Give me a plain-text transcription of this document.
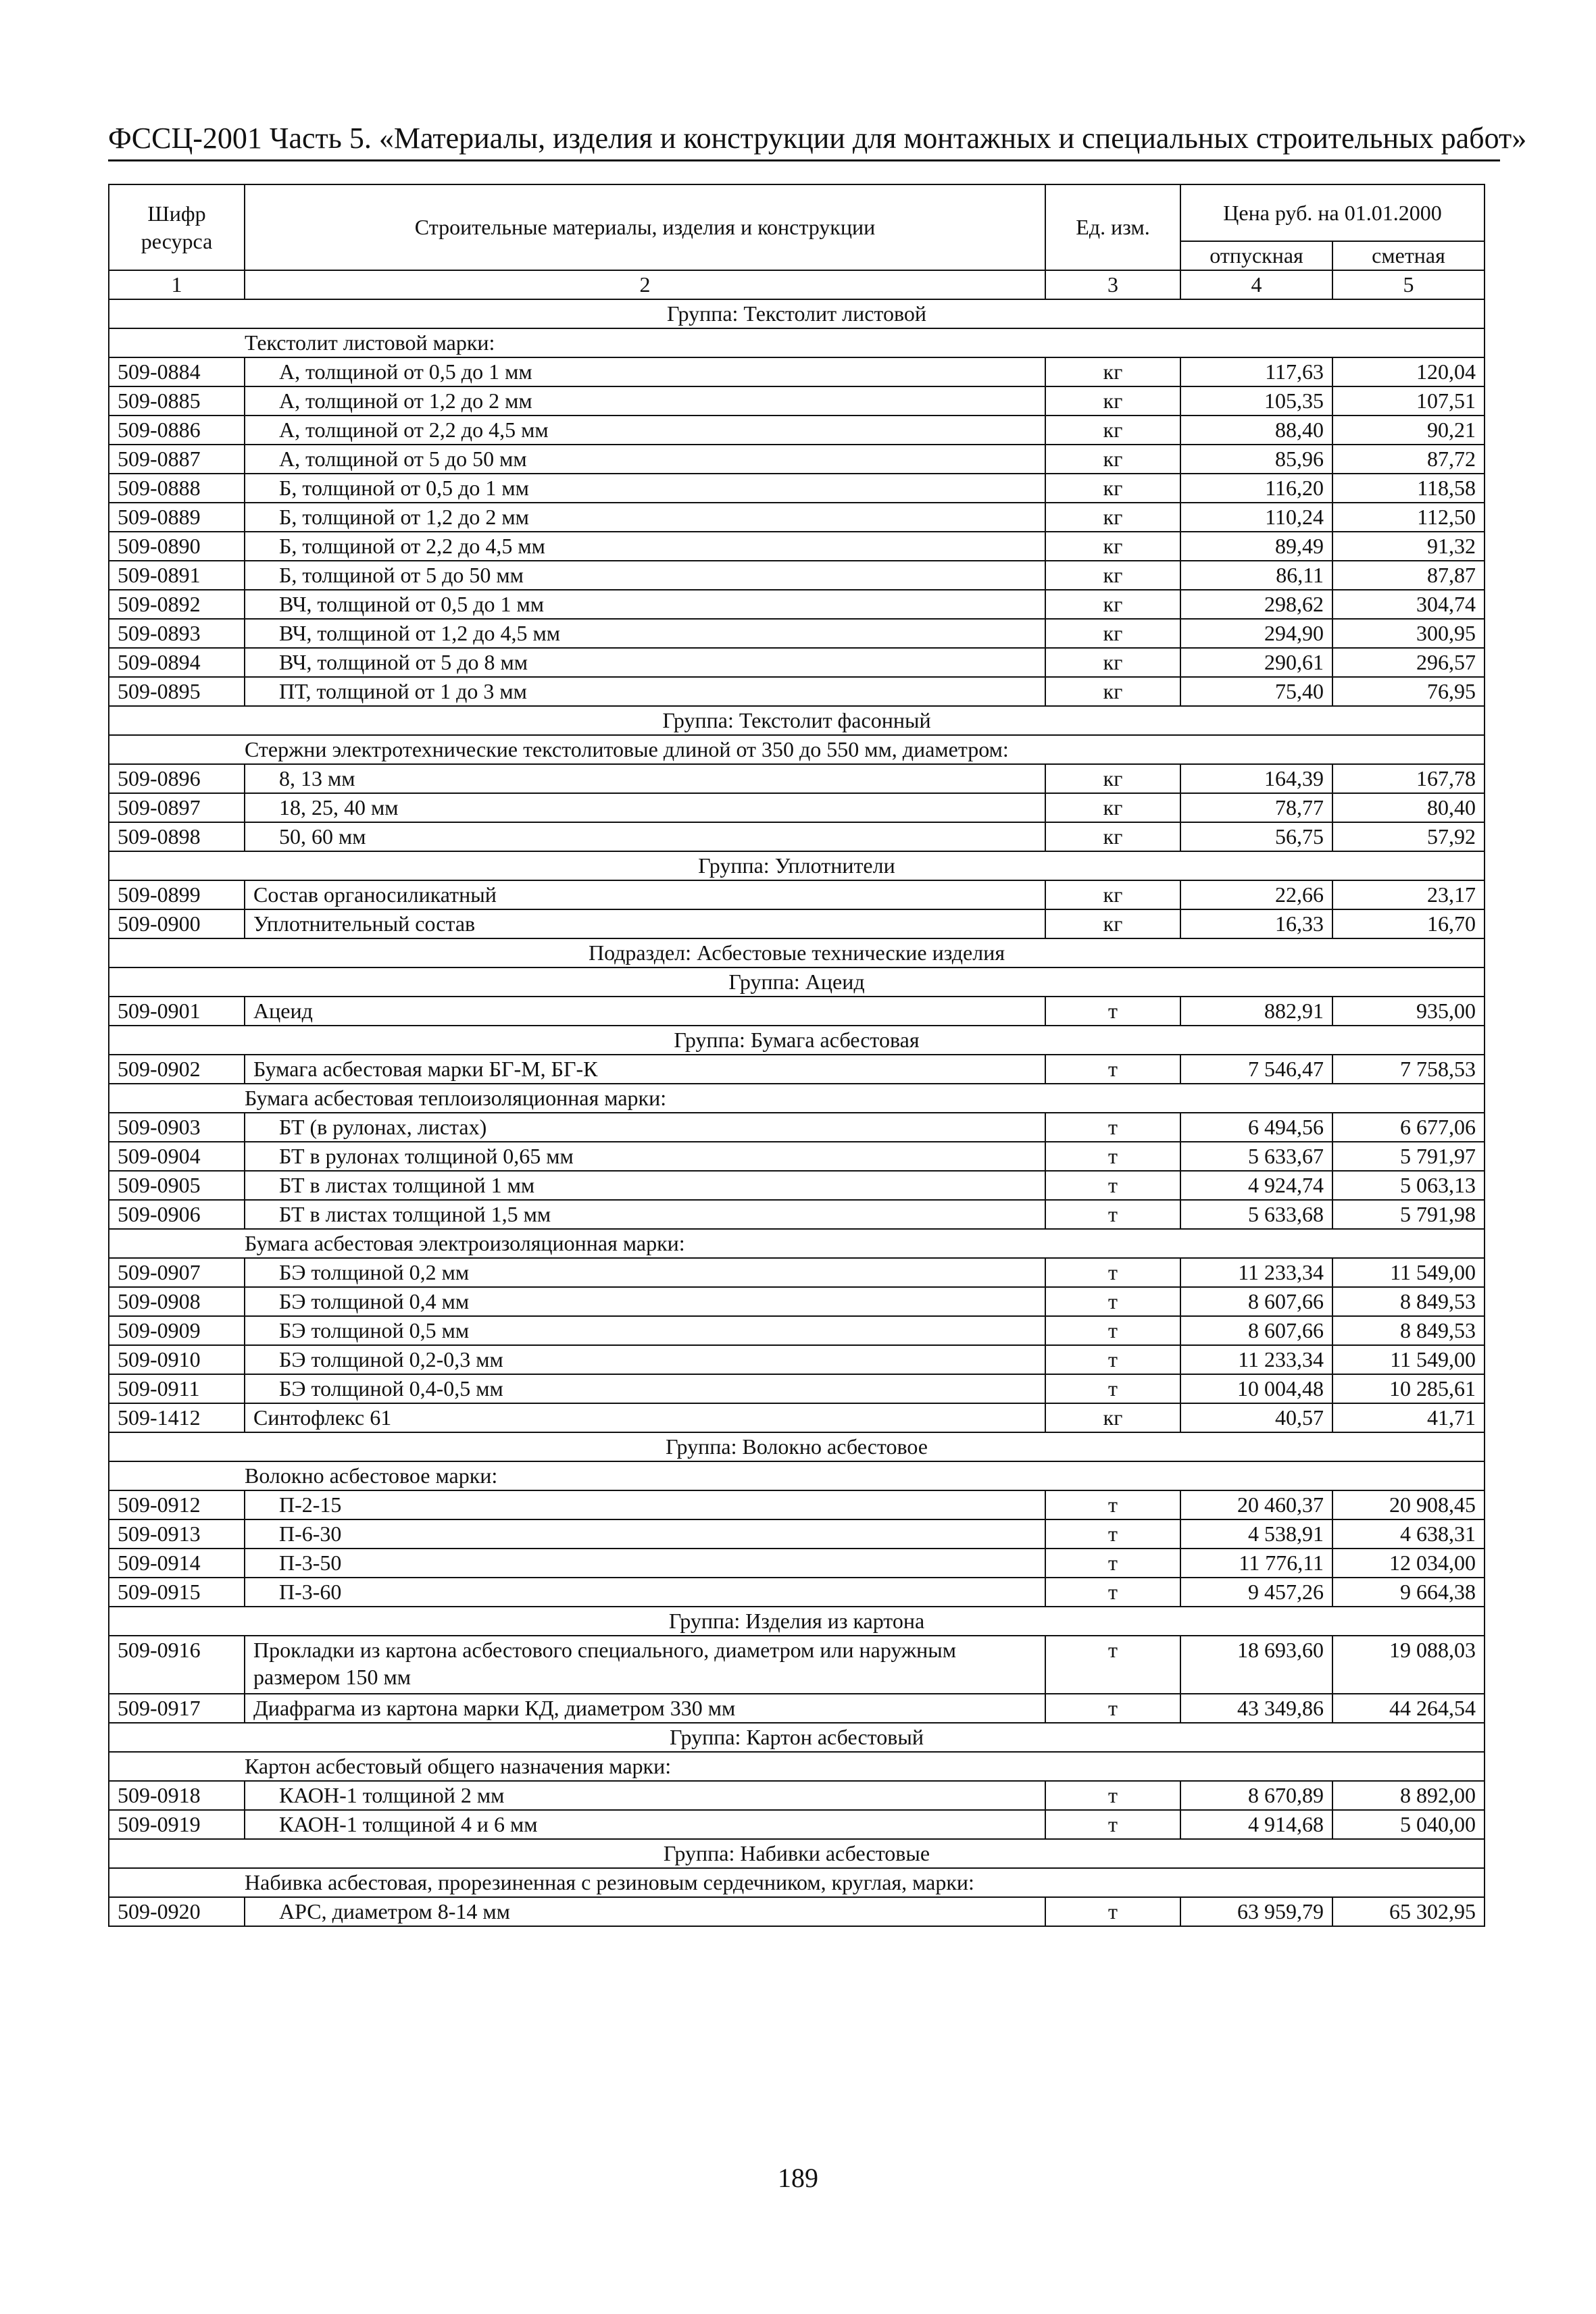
ФССЦ-2001 Часть 5. «Материалы, изделия и конструкции для монтажных и специальных строительных работ»
Шифр ресурса	Строительные материалы, изделия и конструкции	Ед. изм.	Цена руб. на 01.01.2000	
			отпускная	сметная
1	2	3	4	5
Группа: Текстолит листовой				
Текстолит листовой марки:				
509-0884	А, толщиной от 0,5 до 1 мм	кг	117,63	120,04
509-0885	А, толщиной от 1,2 до 2 мм	кг	105,35	107,51
509-0886	А, толщиной от 2,2 до 4,5 мм	кг	88,40	90,21
509-0887	А, толщиной от 5 до 50 мм	кг	85,96	87,72
509-0888	Б, толщиной от 0,5 до 1 мм	кг	116,20	118,58
509-0889	Б, толщиной от 1,2 до 2 мм	кг	110,24	112,50
509-0890	Б, толщиной от 2,2 до 4,5 мм	кг	89,49	91,32
509-0891	Б, толщиной от 5 до 50 мм	кг	86,11	87,87
509-0892	ВЧ, толщиной от 0,5 до 1 мм	кг	298,62	304,74
509-0893	ВЧ, толщиной от 1,2 до 4,5 мм	кг	294,90	300,95
509-0894	ВЧ, толщиной от 5 до 8 мм	кг	290,61	296,57
509-0895	ПТ, толщиной от 1 до 3 мм	кг	75,40	76,95
Группа: Текстолит фасонный				
Стержни электротехнические текстолитовые длиной от 350 до 550 мм, диаметром:				
509-0896	8, 13 мм	кг	164,39	167,78
509-0897	18, 25, 40 мм	кг	78,77	80,40
509-0898	50, 60 мм	кг	56,75	57,92
Группа: Уплотнители				
509-0899	Состав органосиликатный	кг	22,66	23,17
509-0900	Уплотнительный состав	кг	16,33	16,70
Подраздел: Асбестовые технические изделия				
Группа: Ацеид				
509-0901	Ацеид	т	882,91	935,00
Группа: Бумага асбестовая				
509-0902	Бумага асбестовая марки БГ-М, БГ-К	т	7 546,47	7 758,53
Бумага асбестовая теплоизоляционная марки:				
509-0903	БТ (в рулонах, листах)	т	6 494,56	6 677,06
509-0904	БТ в рулонах толщиной 0,65 мм	т	5 633,67	5 791,97
509-0905	БТ в листах толщиной 1 мм	т	4 924,74	5 063,13
509-0906	БТ в листах толщиной 1,5 мм	т	5 633,68	5 791,98
Бумага асбестовая электроизоляционная марки:				
509-0907	БЭ толщиной 0,2 мм	т	11 233,34	11 549,00
509-0908	БЭ толщиной 0,4 мм	т	8 607,66	8 849,53
509-0909	БЭ толщиной 0,5 мм	т	8 607,66	8 849,53
509-0910	БЭ толщиной 0,2-0,3 мм	т	11 233,34	11 549,00
509-0911	БЭ толщиной 0,4-0,5 мм	т	10 004,48	10 285,61
509-1412	Синтофлекс 61	кг	40,57	41,71
Группа: Волокно асбестовое				
Волокно асбестовое марки:				
509-0912	П-2-15	т	20 460,37	20 908,45
509-0913	П-6-30	т	4 538,91	4 638,31
509-0914	П-3-50	т	11 776,11	12 034,00
509-0915	П-3-60	т	9 457,26	9 664,38
Группа: Изделия из картона				
509-0916	Прокладки из картона асбестового специального, диаметром или наружным размером 150 мм	т	18 693,60	19 088,03
509-0917	Диафрагма из картона марки КД, диаметром 330 мм	т	43 349,86	44 264,54
Группа: Картон асбестовый				
Картон асбестовый общего назначения марки:				
509-0918	КАОН-1 толщиной 2 мм	т	8 670,89	8 892,00
509-0919	КАОН-1 толщиной 4 и 6 мм	т	4 914,68	5 040,00
Группа: Набивки асбестовые				
Набивка асбестовая, прорезиненная с резиновым сердечником, круглая, марки:				
509-0920	АРС, диаметром 8-14 мм	т	63 959,79	65 302,95
189
